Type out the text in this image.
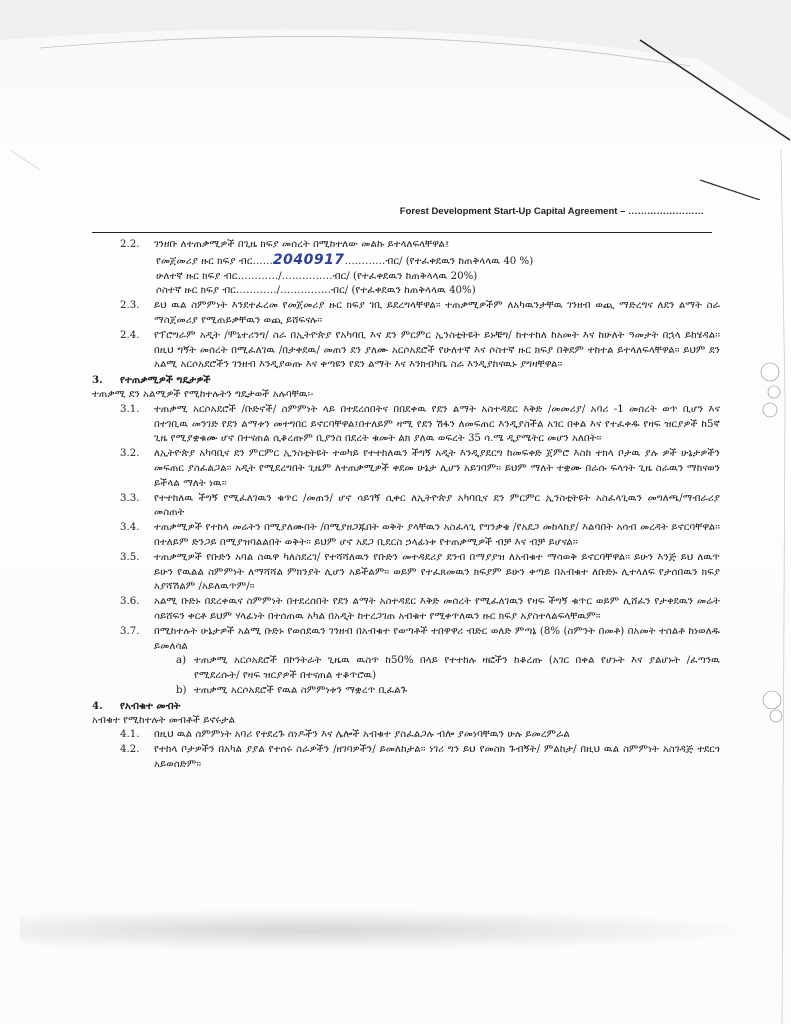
Forest Development Start-Up Capital Agreement – ……………………
2.2.	ገንዘቡ ለተጠቃሚዎች በጊዜ ክፍያ መሰረት በሚከተለው መልኩ ይተላለፍላቸዋል፤
የመጀመሪያ ዙር ክፍያ ብር……2040917…………ብር/ (የተፈቀደዉን ከጠቅላላዉ 40 %)
ሁለተኛ ዙር ክፍያ ብር…………/……………ብር/ (የተፈቀደዉን ከጠቅላላዉ 20%)
ሶስተኛ ዙር ክፍያ ብር…………/……………ብር/ (የተፈቀደዉን ከጠቅላላዉ 40%)
2.3.	ይህ ዉል ስምምነት እንደተፈረመ የመጀመሪያ ዙር ክፍያ ገቢ ይደረግላቸዋል፡፡ ተጠቃሚዎችም ለአካዉንታቸዉ ገንዘብ ወጪ ማድረግና ለደን ልማት ስራ ማስጀመሪያ የሚጠይቃቸዉን ወጪ ይሸፍናሉ፡፡
2.4.	የፕሮግራም አዲት /ሞኒተሪንግ/ ስራ በኢትዮጵያ የአካባቢ እና ደን ምርምር ኢንስቲትዩት ይኑቹግ/ ከተተከለ ከአመት እና ከሁለት ዓመታት በኋላ ይከሄዳል፡፡ በዚህ ግኝት መሰረት በሚፈለገዉ /በታቀደዉ/ መጠን ደን ያለሙ አርሶአደሮች የሁለተኛ እና ሶስተኛ ዙር ክፍያ በቅደም ተከተል ይተላለፍላቸዋል፡፡ ይህም ደን አልሚ አርሶአደሮችን ገንዘብ እንዲያወጡ እና ቀጣዩን የደን ልማት እና እንክብካቤ ስራ እንዲያከናዉኑ ያግዛቸዋል፡፡
3.	የተጠቃሚዎች ግዴታዎች
ተጠቃሚ ደን አልሚዎች የሚከተሉትን ግዴታወች አሉባቸዉ፡-
3.1.	ተጠቃሚ አርሶአደሮች /ቡድኖች/ ስምምነት ላይ በተደረሰበትና በበደቀዉ የደን ልማት አስተዳደር እቅድ /መመሪያ/ አባሪ -1 መሰረት ወጥ ቢሆን እና በተገቢዉ መንገድ የደን ልማቱን መተግበር ይኖርባቸዋል፤በተለይም ዛሚ የደን ሽፋን ለመፍጠር እንዲያስችል አገር በቀል እና የተፈቀዱ የዛፍ ዝርያዎች ከ5ኛ ጊዜ የሚያቋቁሙ ሆኖ በተናጠል ሲቆረጡም ቢያንስ በደረት ቁመት ልክ ያለዉ ወፍረት 35 ሳ.ሜ ዲያሜትር መሆን አለበት፡፡
3.2.	ለኢትዮጵያ አካባቢና ደን ምርምር ኢንስቲትዩት ተወካይ የተተከለዉን ችግኝ አዲት እንዲያደርግ ከመፍቀድ ጀምሮ እስከ ተክላ ቦታዉ ያሉ ዎች ሁኔታዎችን መፍጠር ያስፈልጋል፡፡ አዲት የሚደረግበት ጊዜም ለተጠቃሚዎች ቀደመ ሁኔታ ሊሆን አይገባም፡፡ ይህም ማለት ተቋሙ በራሱ ፍላጎት ጊዜ ስራዉን ማከናወን ይችላል ማለት ነዉ፡፡
3.3.	የተተከለዉ ችግኝ የሚፈለገዉን ቁጥር /መጠን/ ሆኖ ሳይገኝ ሲቀር ለኢትዮጵያ አካባቢና ደን ምርምር ኢንስቲትዩት አስፈላጊዉን መግለጫ/ማብራሪያ መስጠት
3.4.	ተጠቃሚዎች የተከላ መሬትን በሚያለሙበት /በሚያዘጋጁበት ወቅት ያላቸዉን አስፈላጊ የግንቃቄ /የአደጋ መከላከያ/ እልባበት አሳብ መረዳት ይኖርባቸዋል፡፡ በተለይም ድንጋይ በሚያዝባልልበት ወቅት፡፡ ይህም ሆኖ አደጋ ቢደርስ ኃላፊነቱ የተጠቃሚዎች ብቻ እና ብቻ ይሆናል፡፡
3.5.	ተጠቃሚዎች የቡድን አባል ስዉዋ ካለስደረገ/ የተሻሻለዉን የቡድን መተዳደሪያ ደንብ በማያያዝ ለአብቁተ ማሳወቅ ይኖርባቸዋል፡፡ ይሁን እንጅ ይህ ለዉጥ ይሁን የዉልል ስምምነት ለማሻሻል ምክንያት ሊሆን አይችልም፡፡ ወይም የተፈጸመዉን ክፍያም ይሁን ቀጣይ በአብቁተ ለቡድኑ ሊተላለፍ የታሰበዉን ክፍያ አያሻሽልም /አይለዉጥም/፡፡
3.6.	አልሚ ቡድኑ በደረቀዉና ስምምነት በተደረሰበት የደን ልማት አስተዳደር እቅድ መሰረት የሚፈለገዉን የዛፍ ችግኝ ቁጥር ወይም ሊሸፈን የታቀደዉን መሬት ሳይሸፍን ቀርቶ ይህም ሃላፊነት በተሰጠዉ አካል በአዲት ከተረጋገጠ አብቁተ የሚቀጥለዉን ዙር ክፍያ አያስተላልፍላቸዉም፡፡
3.7.	በሚከተሉት ሁኔታዎች አልሚ ቡድኑ የወሰደዉን ገንዘብ በአብቁተ የወጣቶች ተበዋዋሪ ብድር ወለድ ምጣኔ (8% (ስምንት በመቶ) በአመት ተሰልቶ ከነወለዱ ይመለሳል
a) ተጠቃሚ አርሶአደሮች በኮንትራት ጊዜዉ ዉስጥ ከ50% በላይ የተተከሉ ዛፎችን ከቆረጡ (አገር በቀል የሆኑት እና ያልሆኑት /ፈጣንዉ የሚደረሱት/ የዛፍ ዝርያዎች በተናጠል ተቆጥሮዉ)
b) ተጠቃሚ አርሶአደሮች የዉል ስምምነቱን ማቋረጥ ቢፈልጉ
4.	የአብቁተ መብት
አብቁተ የሚከተሉት መብቶች ይኖሩታል
4.1.	በዚህ ዉል ስምምነት አባሪ የተደረጉ ሰነዶችን እና ሌሎች አብቁተ ያስፈልጋሉ ብሎ ያመነባቸዉን ሁሉ ይመረምራል
4.2.	የተከላ ቦታዎችን በአካል ያያል የተሰሩ ስራዎችን /ዘገባዎችን/ ይመለከታል፡፡ ነገሪ ግን ይህ የመስክ ጉብኝት/ ምልከታ/ በዚህ ዉል ስምምነት አስገዳጅ ተደርጎ አይወሰድም፡፡
